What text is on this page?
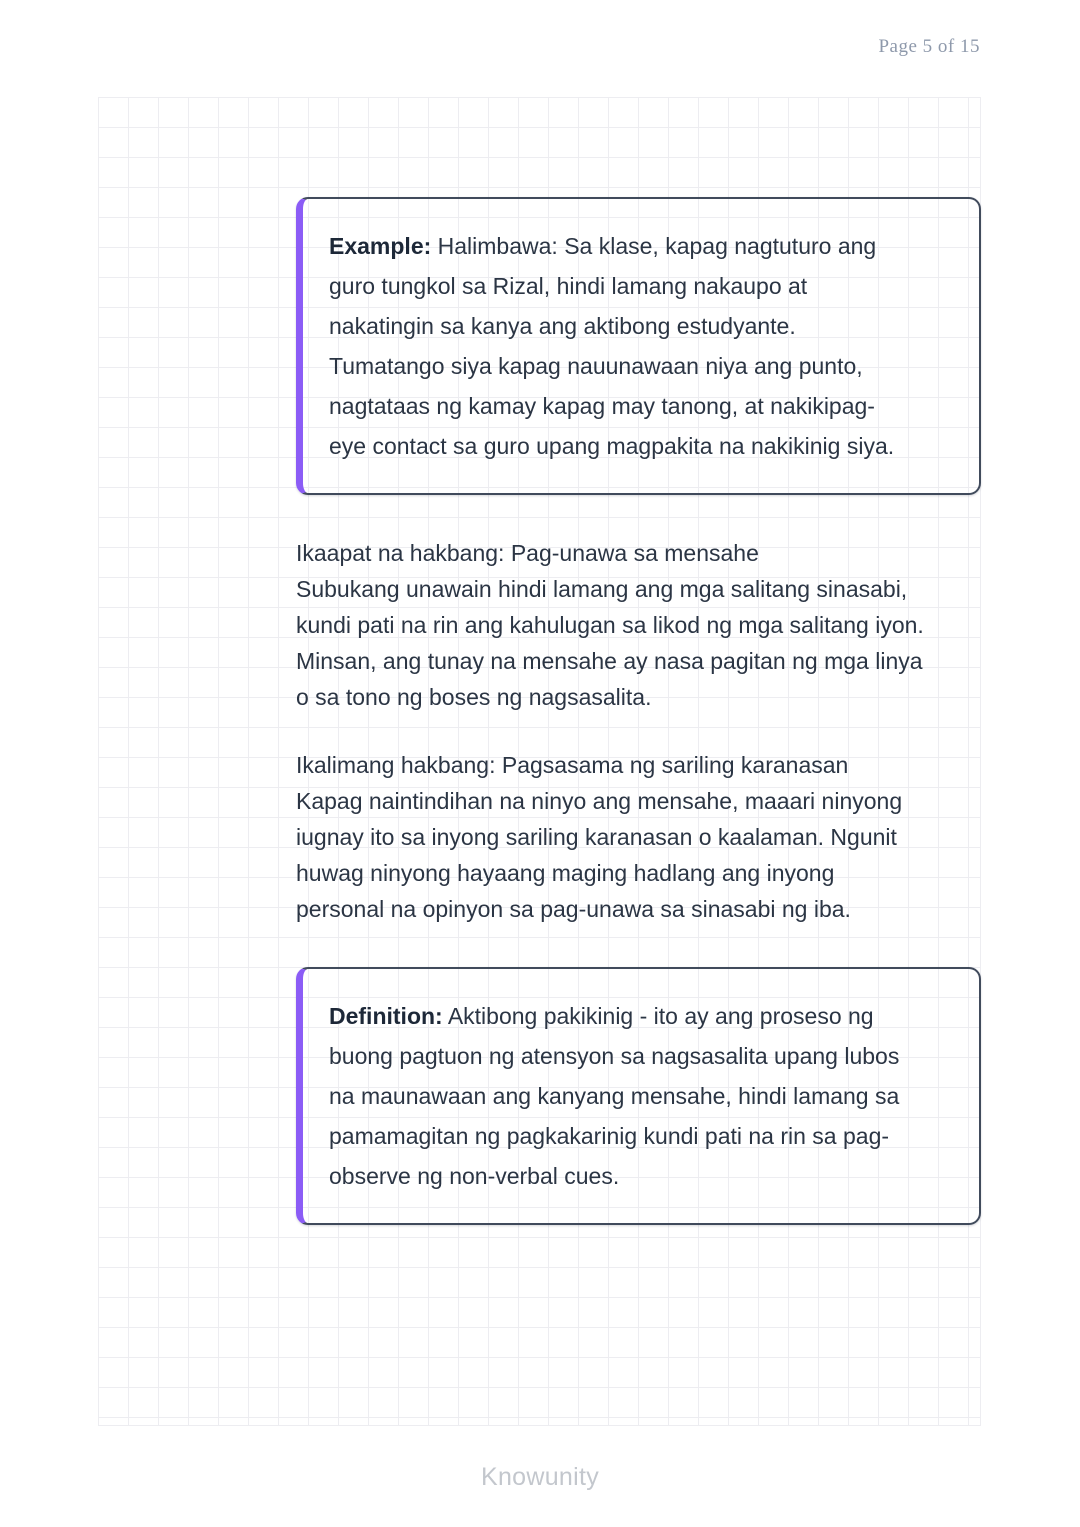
Page 5 of 15
Example: Halimbawa: Sa klase, kapag nagtuturo ang
guro tungkol sa Rizal, hindi lamang nakaupo at
nakatingin sa kanya ang aktibong estudyante.
Tumatango siya kapag nauunawaan niya ang punto,
nagtataas ng kamay kapag may tanong, at nakikipag-
eye contact sa guro upang magpakita na nakikinig siya.
Ikaapat na hakbang: Pag-unawa sa mensahe
Subukang unawain hindi lamang ang mga salitang sinasabi,
kundi pati na rin ang kahulugan sa likod ng mga salitang iyon.
Minsan, ang tunay na mensahe ay nasa pagitan ng mga linya
o sa tono ng boses ng nagsasalita.
Ikalimang hakbang: Pagsasama ng sariling karanasan
Kapag naintindihan na ninyo ang mensahe, maaari ninyong
iugnay ito sa inyong sariling karanasan o kaalaman. Ngunit
huwag ninyong hayaang maging hadlang ang inyong
personal na opinyon sa pag-unawa sa sinasabi ng iba.
Definition: Aktibong pakikinig - ito ay ang proseso ng
buong pagtuon ng atensyon sa nagsasalita upang lubos
na maunawaan ang kanyang mensahe, hindi lamang sa
pamamagitan ng pagkakarinig kundi pati na rin sa pag-
observe ng non-verbal cues.
Knowunity
